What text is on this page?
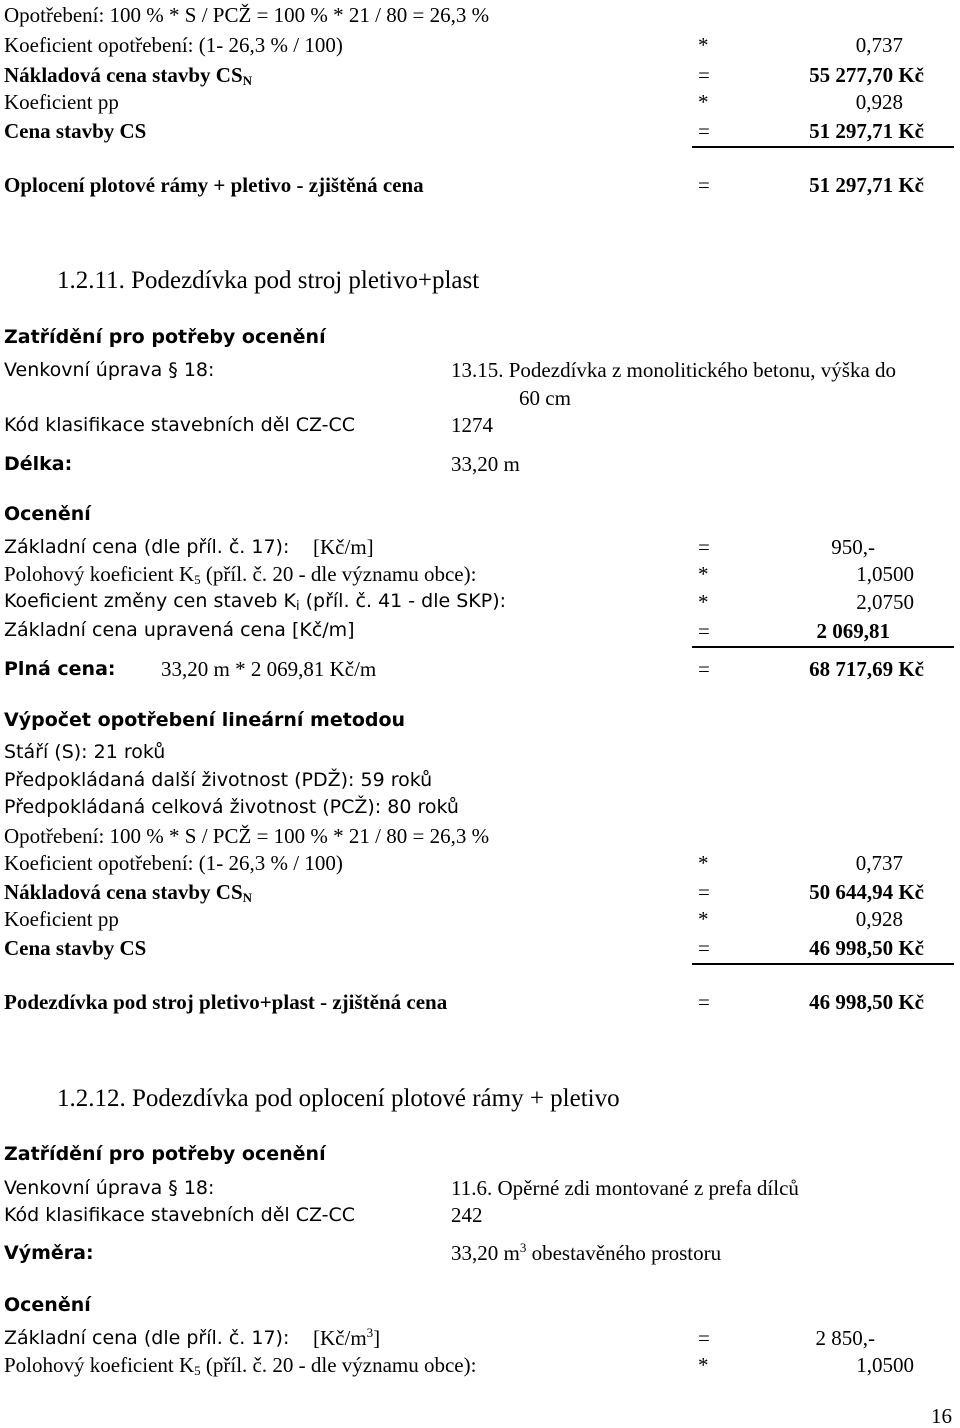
Opotřebení: 100 % * S / PCŽ = 100 % * 21 / 80 = 26,3 %
Koeficient opotřebení: (1- 26,3 % / 100)	*	0,737
Nákladová cena stavby $CS_N$	=	55 277,70 Kč
Koeficient pp	*	0,928
Cena stavby CS	=	51 297,71 Kč
Oplocení plotové rámy + pletivo - zjištěná cena	=	51 297,71 Kč
1.2.11. Podezdívka pod stroj pletivo+plast
Zatřídění pro potřeby ocenění
Venkovní úprava § 18:	13.15. Podezdívka z monolitického betonu, výška do
60 cm
Kód klasifikace stavebních děl CZ-CC	1274
Délka:	33,20 m
Ocenění
Základní cena (dle příl. č. 17): [Kč/m]	=	950,-
Polohový koeficient $K_5$ (příl. č. 20 - dle významu obce):	*	1,0500
Koeficient změny cen staveb $K_i$ (příl. č. 41 - dle SKP):	*	2,0750
Základní cena upravená cena [Kč/m]	=	2 069,81
Plná cena: 33,20 m * 2 069,81 Kč/m	=	68 717,69 Kč
Výpočet opotřebení lineární metodou
Stáří (S): 21 roků
Předpokládaná další životnost (PDŽ): 59 roků
Předpokládaná celková životnost (PCŽ): 80 roků
Opotřebení: 100 % * S / PCŽ = 100 % * 21 / 80 = 26,3 %
Koeficient opotřebení: (1- 26,3 % / 100)	*	0,737
Nákladová cena stavby $CS_N$	=	50 644,94 Kč
Koeficient pp	*	0,928
Cena stavby CS	=	46 998,50 Kč
Podezdívka pod stroj pletivo+plast - zjištěná cena	=	46 998,50 Kč
1.2.12. Podezdívka pod oplocení plotové rámy + pletivo
Zatřídění pro potřeby ocenění
Venkovní úprava § 18:	11.6. Opěrné zdi montované z prefa dílců
Kód klasifikace stavebních děl CZ-CC	242
Výměra:	33,20 $m^3$ obestavěného prostoru
Ocenění
Základní cena (dle příl. č. 17): $[Kč/m^3]$	=	2 850,-
Polohový koeficient $K_5$ (příl. č. 20 - dle významu obce):	*	1,0500
16
